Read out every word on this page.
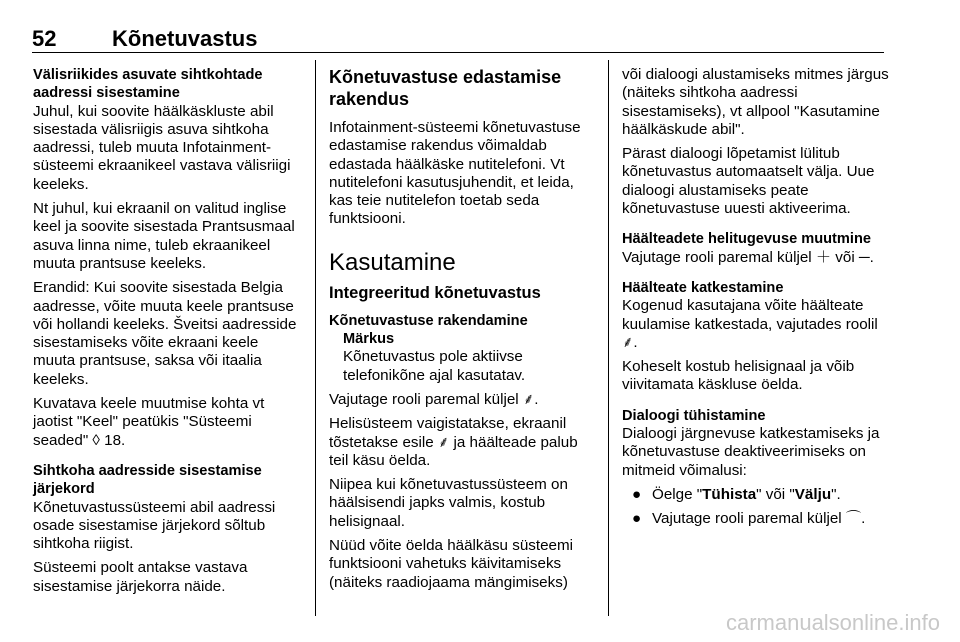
52	Kõnetuvastus

Välisriikides asuvate sihtkohtade aadressi sisestamine

Juhul, kui soovite häälkäskluste abil sisestada välisriigis asuva sihtkoha aadressi, tuleb muuta Infotainment-süsteemi ekraanikeel vastava välisriigi keeleks.

Nt juhul, kui ekraanil on valitud inglise keel ja soovite sisestada Prantsusmaal asuva linna nime, tuleb ekraanikeel muuta prantsuse keeleks.

Erandid: Kui soovite sisestada Belgia aadresse, võite muuta keele prantsuse või hollandi keeleks. Šveitsi aadresside sisestamiseks võite ekraani keele muuta prantsuse, saksa või itaalia keeleks.

Kuvatava keele muutmise kohta vt jaotist "Keel" peatükis "Süsteemi seaded" ◊ 18.

Sihtkoha aadresside sisestamise järjekord

Kõnetuvastussüsteemi abil aadressi osade sisestamise järjekord sõltub sihtkoha riigist.

Süsteemi poolt antakse vastava sisestamise järjekorra näide.

Kõnetuvastuse edastamise rakendus

Infotainment-süsteemi kõnetuvastuse edastamise rakendus võimaldab edastada häälkäske nutitelefoni. Vt nutitelefoni kasutusjuhendit, et leida, kas teie nutitelefon toetab seda funktsiooni.

Kasutamine

Integreeritud kõnetuvastus

Kõnetuvastuse rakendamine

Märkus

Kõnetuvastus pole aktiivse telefonikõne ajal kasutatav.

Vajutage rooli paremal küljel ⸙.

Helisüsteem vaigistatakse, ekraanil tõstetakse esile ⸙ ja häälteade palub teil käsu öelda.

Niipea kui kõnetuvastussüsteem on häälsisendi japks valmis, kostub helisignaal.

Nüüd võite öelda häälkäsu süsteemi funktsiooni vahetuks käivitamiseks (näiteks raadiojaama mängimiseks)

või dialoogi alustamiseks mitmes järgus (näiteks sihtkoha aadressi sisestamiseks), vt allpool "Kasutamine häälkäskude abil".

Pärast dialoogi lõpetamist lülitub kõnetuvastus automaatselt välja. Uue dialoogi alustamiseks peate kõnetuvastuse uuesti aktiveerima.

Häälteadete helitugevuse muutmine

Vajutage rooli paremal küljel ＋ või ─.

Häälteate katkestamine

Kogenud kasutajana võite häälteate kuulamise katkestada, vajutades roolil ⸙.

Koheselt kostub helisignaal ja võib viivitamata käskluse öelda.

Dialoogi tühistamine

Dialoogi järgnevuse katkestamiseks ja kõnetuvastuse deaktiveerimiseks on mitmeid võimalusi:

● Öelge "Tühista" või "Välju".
● Vajutage rooli paremal küljel ⌒.
carmanualsonline.info
